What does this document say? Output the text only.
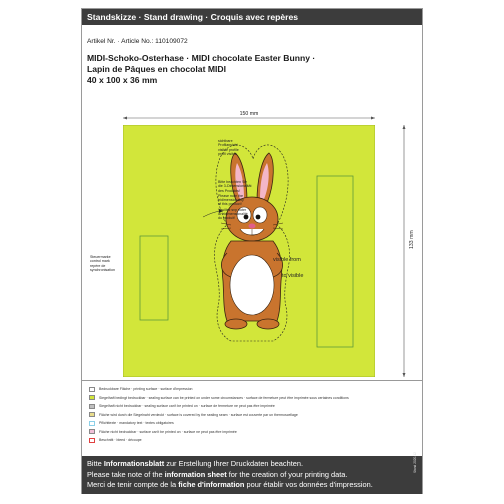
Standskizze · Stand drawing · Croquis avec repères
Artikel Nr. · Article No.: 110109072
MIDI-Schoko-Osterhase · MIDI chocolate Easter Bunny ·
Lapin de Pâques en chocolat MIDI
40 x 100 x 36 mm
150 mm
133 mm
Steuermarke
control mark
repère de
synchronisation
sichtbare
Profilansicht
visible profile
profil visible
Bitte beachten Sie
die 3-Dimensionalität
des Produkts!
Please note the
tridimensionality
of this product!
Veuillez svp noter
la tridimensionalité
du produit!
visible from
to visible
Bedruckbare Fläche · printing surface · surface d'impression
Siegelhaft bedingt bedruckbar · sealing surface can be printed on under some circumstances · surface de fermeture peut être imprimée sous certaines conditions
Siegelhaft nicht bedruckbar · sealing surface can't be printed on · surface de fermeture ne peut pas être imprimée
Fläche wird durch die Siegelnaht verdeckt · surface is covered by the sealing seam · surface est couverte par un thermoscellage
Pflichttexte · mandatory text · textes obligatoires
Fläche nicht bedruckbar · surface can't be printed on · surface ne peut pas être imprimée
Beschnitt · bleed · découpe
Bitte Informationsblatt zur Erstellung Ihrer Druckdaten beachten.
Please take note of the information sheet for the creation of your printing data.
Merci de tenir compte de la fiche d'information pour établir vos données d'impression.
Stand 2020-12
